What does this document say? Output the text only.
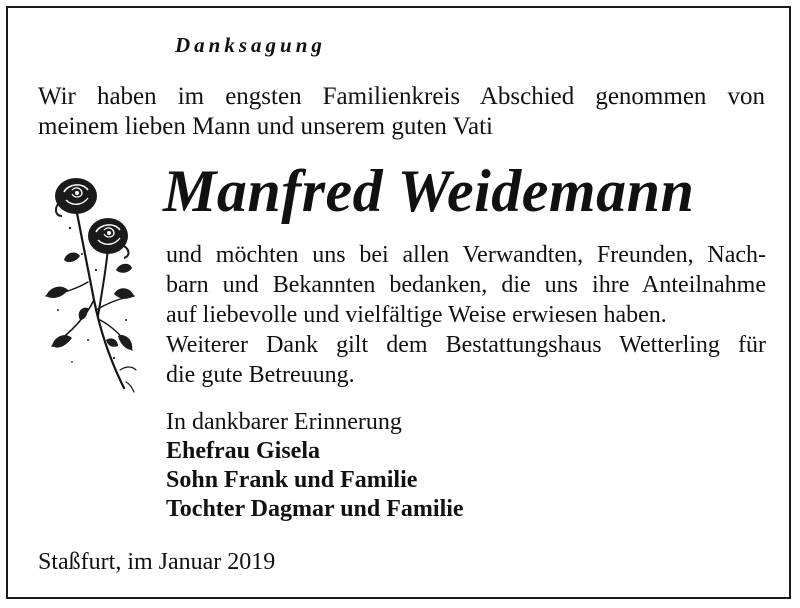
Danksagung
Wir haben im engsten Familienkreis Abschied genommen von
meinem lieben Mann und unserem guten Vati
Manfred Weidemann
und möchten uns bei allen Verwandten, Freunden, Nach-
barn und Bekannten bedanken, die uns ihre Anteilnahme
auf liebevolle und vielfältige Weise erwiesen haben.
Weiterer Dank gilt dem Bestattungshaus Wetterling für
die gute Betreuung.
In dankbarer Erinnerung
Ehefrau Gisela
Sohn Frank und Familie
Tochter Dagmar und Familie
Staßfurt, im Januar 2019
